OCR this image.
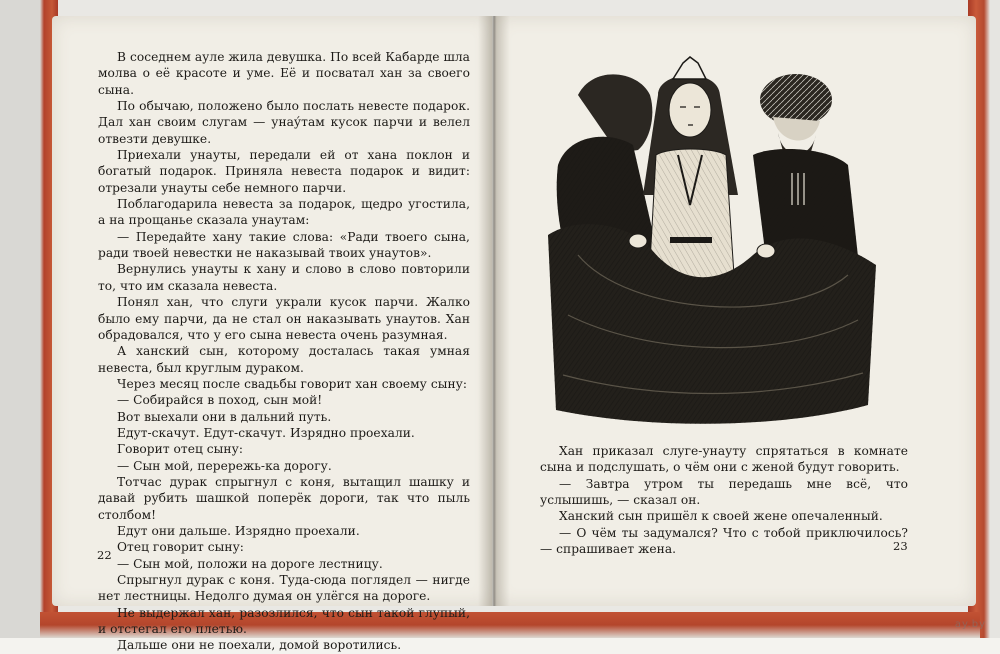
В соседнем ауле жила девушка. По всей Кабарде шла молва о её красоте и уме. Её и посватал хан за своего сына.

По обычаю, положено было послать невесте подарок. Дал хан своим слугам — унау́там кусок парчи и велел отвезти девушке.

Приехали унауты, передали ей от хана поклон и богатый подарок. Приняла невеста подарок и видит: отрезали унауты себе немного парчи.

Поблагодарила невеста за подарок, щедро угостила, а на прощанье сказала унаутам:

— Передайте хану такие слова: «Ради твоего сына, ради твоей невестки не наказывай твоих унаутов».

Вернулись унауты к хану и слово в слово повторили то, что им сказала невеста.

Понял хан, что слуги украли кусок парчи. Жалко было ему парчи, да не стал он наказывать унаутов. Хан обрадовался, что у его сына невеста очень разумная.

А ханский сын, которому досталась такая умная невеста, был круглым дураком.

Через месяц после свадьбы говорит хан своему сыну:

— Собирайся в поход, сын мой!

Вот выехали они в дальний путь.

Едут-скачут. Едут-скачут. Изрядно проехали.

Говорит отец сыну:

— Сын мой, перережь-ка дорогу.

Тотчас дурак спрыгнул с коня, вытащил шашку и давай рубить шашкой поперёк дороги, так что пыль столбом!

Едут они дальше. Изрядно проехали.

Отец говорит сыну:

— Сын мой, положи на дороге лестницу.

Спрыгнул дурак с коня. Туда-сюда поглядел — нигде нет лестницы. Недолго думая он улёгся на дороге.

Не выдержал хан, разозлился, что сын такой глупый, и отстегал его плетью.

Дальше они не поехали, домой воротились.

22

Хан приказал слуге-унауту спрятаться в комнате сына и подслушать, о чём они с женой будут говорить.

— Завтра утром ты передашь мне всё, что услышишь, — сказал он.

Ханский сын пришёл к своей жене опечаленный.

— О чём ты задумался? Что с тобой приключилось? — спрашивает жена.	23
ay.by
